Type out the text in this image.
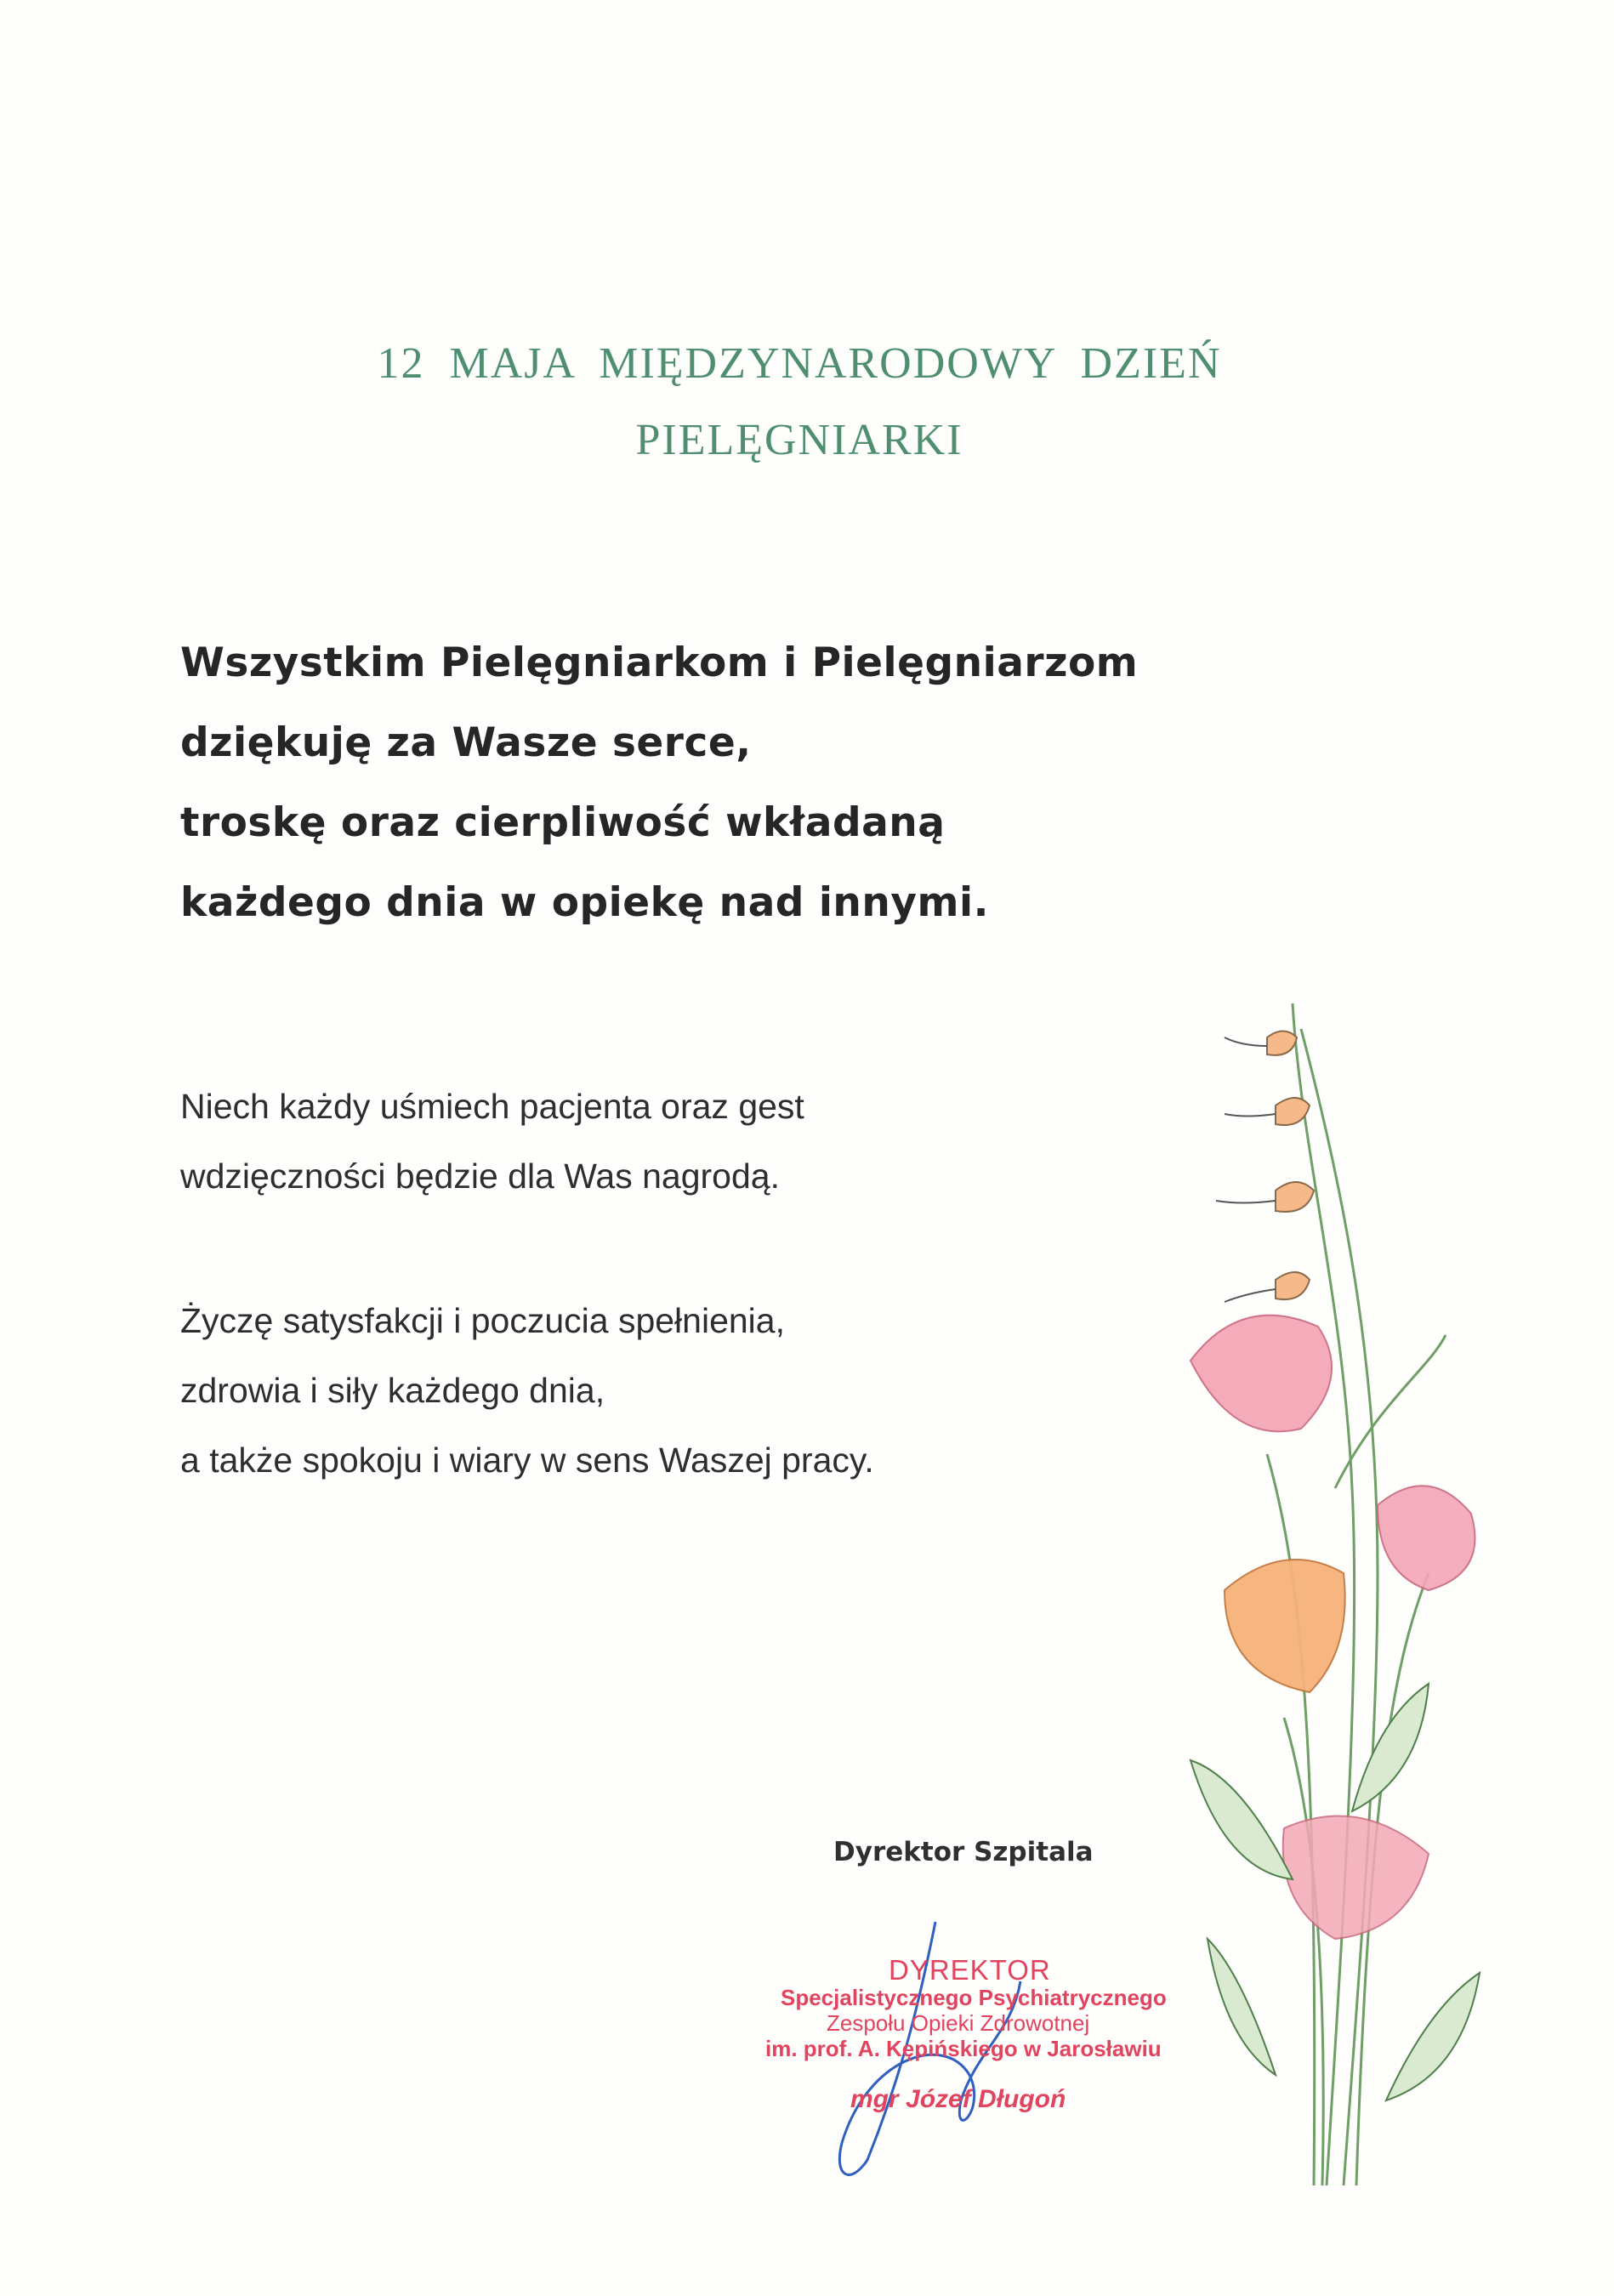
12 MAJA MIĘDZYNARODOWY DZIEŃ
PIELĘGNIARKI
Wszystkim Pielęgniarkom i Pielęgniarzom
dziękuję za Wasze serce,
troskę oraz cierpliwość wkładaną
każdego dnia w opiekę nad innymi.
Niech każdy uśmiech pacjenta oraz gest
wdzięczności będzie dla Was nagrodą.
Życzę satysfakcji i poczucia spełnienia,
zdrowia i siły każdego dnia,
a także spokoju i wiary w sens Waszej pracy.
Dyrektor Szpitala
DYREKTOR
Specjalistycznego Psychiatrycznego
Zespołu Opieki Zdrowotnej
im. prof. A. Kępińskiego w Jarosławiu
mgr Józef Długoń
